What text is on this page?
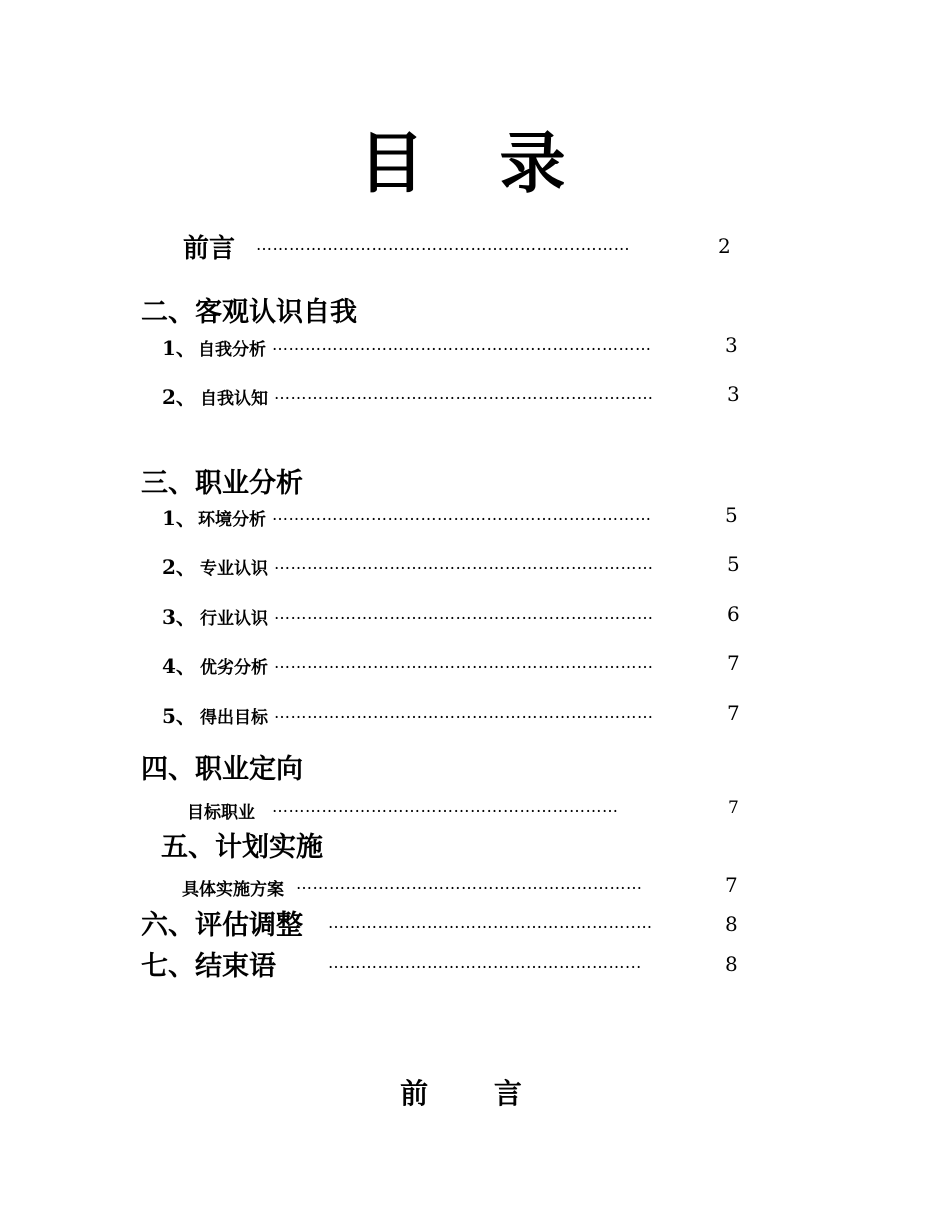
目 录
前言 …………………………………………………..………	2
二、客观认识自我
1、 自我分析 ……………………………………………………………	3
2、 自我认知 ……………………………………………………………	3
三、职业分析
1、 环境分析 ……………………………………………………………	5
2、 专业认识 ……………………………………………………………	5
3、 行业认识 ……………………………………………………………	6
4、 优劣分析 ……………………………………………………………	7
5、 得出目标 ……………………………………………………………	7
四、职业定向
目标职业 ………………………………………………………	7
五、计划实施
具体实施方案 ………………………………………………………	7
六、评估调整 ………………………………………………..…	8
七、结束语	………………………………………………...	8
前 言
